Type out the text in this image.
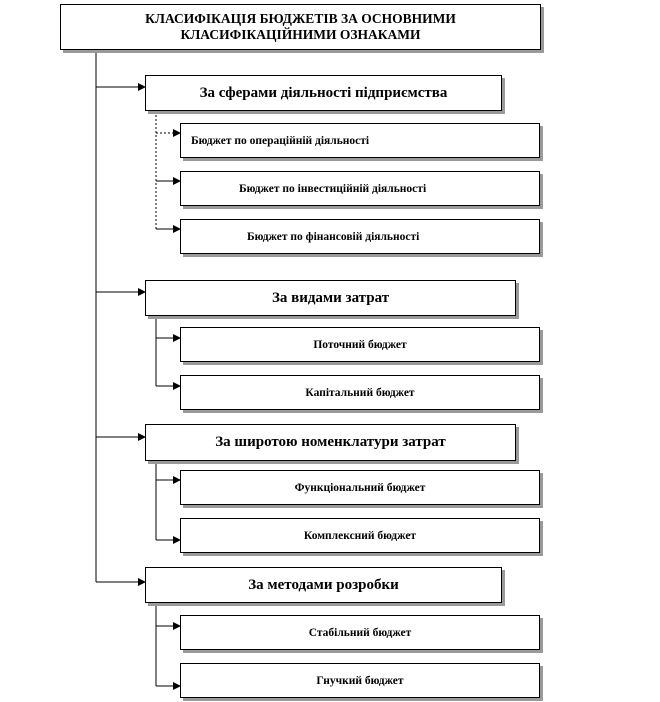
КЛАСИФІКАЦІЯ БЮДЖЕТІВ ЗА ОСНОВНИМИ
КЛАСИФІКАЦІЙНИМИ ОЗНАКАМИ
За сферами діяльності підприємства
Бюджет по операційній діяльності
Бюджет по інвестиційній діяльності
Бюджет по фінансовій діяльності
За видами затрат
Поточний бюджет
Капітальний бюджет
За широтою номенклатури затрат
Функціональний бюджет
Комплексний бюджет
За методами розробки
Стабільний бюджет
Гнучкий бюджет
